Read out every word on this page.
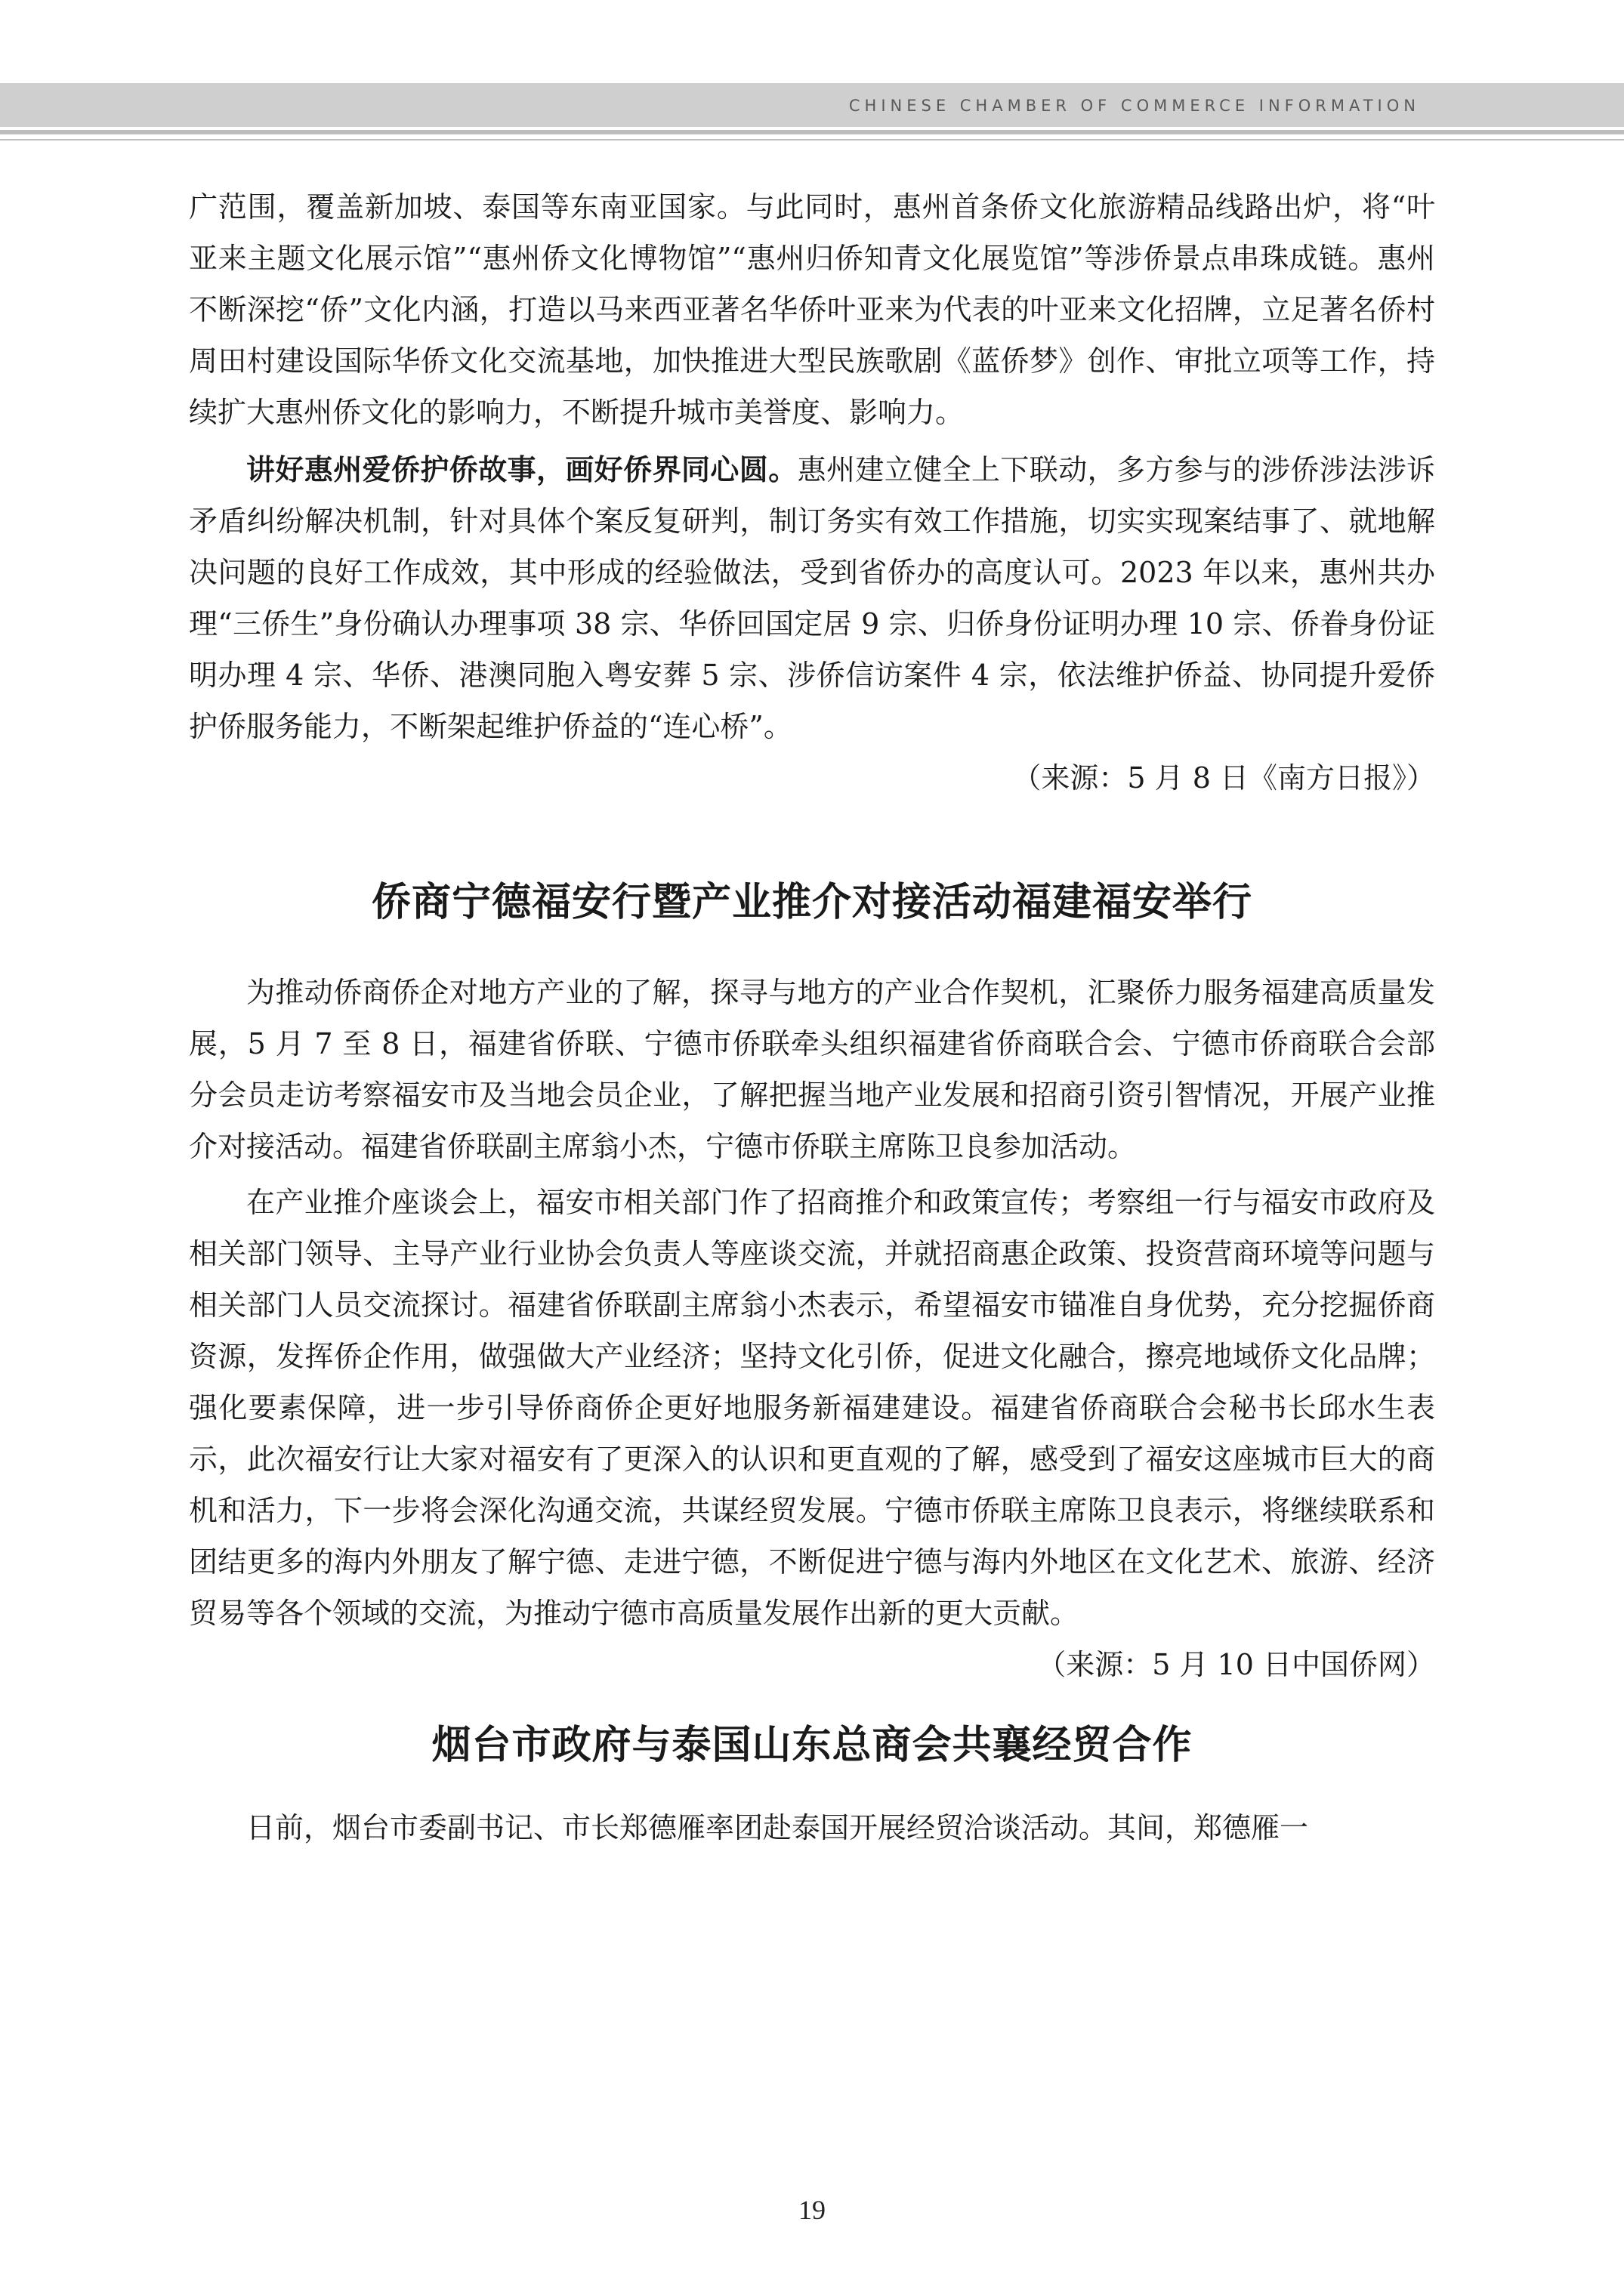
CHINESE CHAMBER OF COMMERCE INFORMATION

广范围，覆盖新加坡、泰国等东南亚国家。与此同时，惠州首条侨文化旅游精品线路出炉，将“叶亚来主题文化展示馆”“惠州侨文化博物馆”“惠州归侨知青文化展览馆”等涉侨景点串珠成链。惠州不断深挖“侨”文化内涵，打造以马来西亚著名华侨叶亚来为代表的叶亚来文化招牌，立足著名侨村周田村建设国际华侨文化交流基地，加快推进大型民族歌剧《蓝侨梦》创作、审批立项等工作，持续扩大惠州侨文化的影响力，不断提升城市美誉度、影响力。

讲好惠州爱侨护侨故事，画好侨界同心圆。惠州建立健全上下联动，多方参与的涉侨涉法涉诉矛盾纠纷解决机制，针对具体个案反复研判，制订务实有效工作措施，切实实现案结事了、就地解决问题的良好工作成效，其中形成的经验做法，受到省侨办的高度认可。2023 年以来，惠州共办理“三侨生”身份确认办理事项 38 宗、华侨回国定居 9 宗、归侨身份证明办理 10 宗、侨眷身份证明办理 4 宗、华侨、港澳同胞入粤安葬 5 宗、涉侨信访案件 4 宗，依法维护侨益、协同提升爱侨护侨服务能力，不断架起维护侨益的“连心桥”。

（来源：5 月 8 日《南方日报》）

侨商宁德福安行暨产业推介对接活动福建福安举行

为推动侨商侨企对地方产业的了解，探寻与地方的产业合作契机，汇聚侨力服务福建高质量发展，5 月 7 至 8 日，福建省侨联、宁德市侨联牵头组织福建省侨商联合会、宁德市侨商联合会部分会员走访考察福安市及当地会员企业，了解把握当地产业发展和招商引资引智情况，开展产业推介对接活动。福建省侨联副主席翁小杰，宁德市侨联主席陈卫良参加活动。

在产业推介座谈会上，福安市相关部门作了招商推介和政策宣传；考察组一行与福安市政府及相关部门领导、主导产业行业协会负责人等座谈交流，并就招商惠企政策、投资营商环境等问题与相关部门人员交流探讨。福建省侨联副主席翁小杰表示，希望福安市锚准自身优势，充分挖掘侨商资源，发挥侨企作用，做强做大产业经济；坚持文化引侨，促进文化融合，擦亮地域侨文化品牌；强化要素保障，进一步引导侨商侨企更好地服务新福建建设。福建省侨商联合会秘书长邱水生表示，此次福安行让大家对福安有了更深入的认识和更直观的了解，感受到了福安这座城市巨大的商机和活力，下一步将会深化沟通交流，共谋经贸发展。宁德市侨联主席陈卫良表示，将继续联系和团结更多的海内外朋友了解宁德、走进宁德，不断促进宁德与海内外地区在文化艺术、旅游、经济贸易等各个领域的交流，为推动宁德市高质量发展作出新的更大贡献。
（来源：5 月 10 日中国侨网）

烟台市政府与泰国山东总商会共襄经贸合作

日前，烟台市委副书记、市长郑德雁率团赴泰国开展经贸洽谈活动。其间，郑德雁一

19
